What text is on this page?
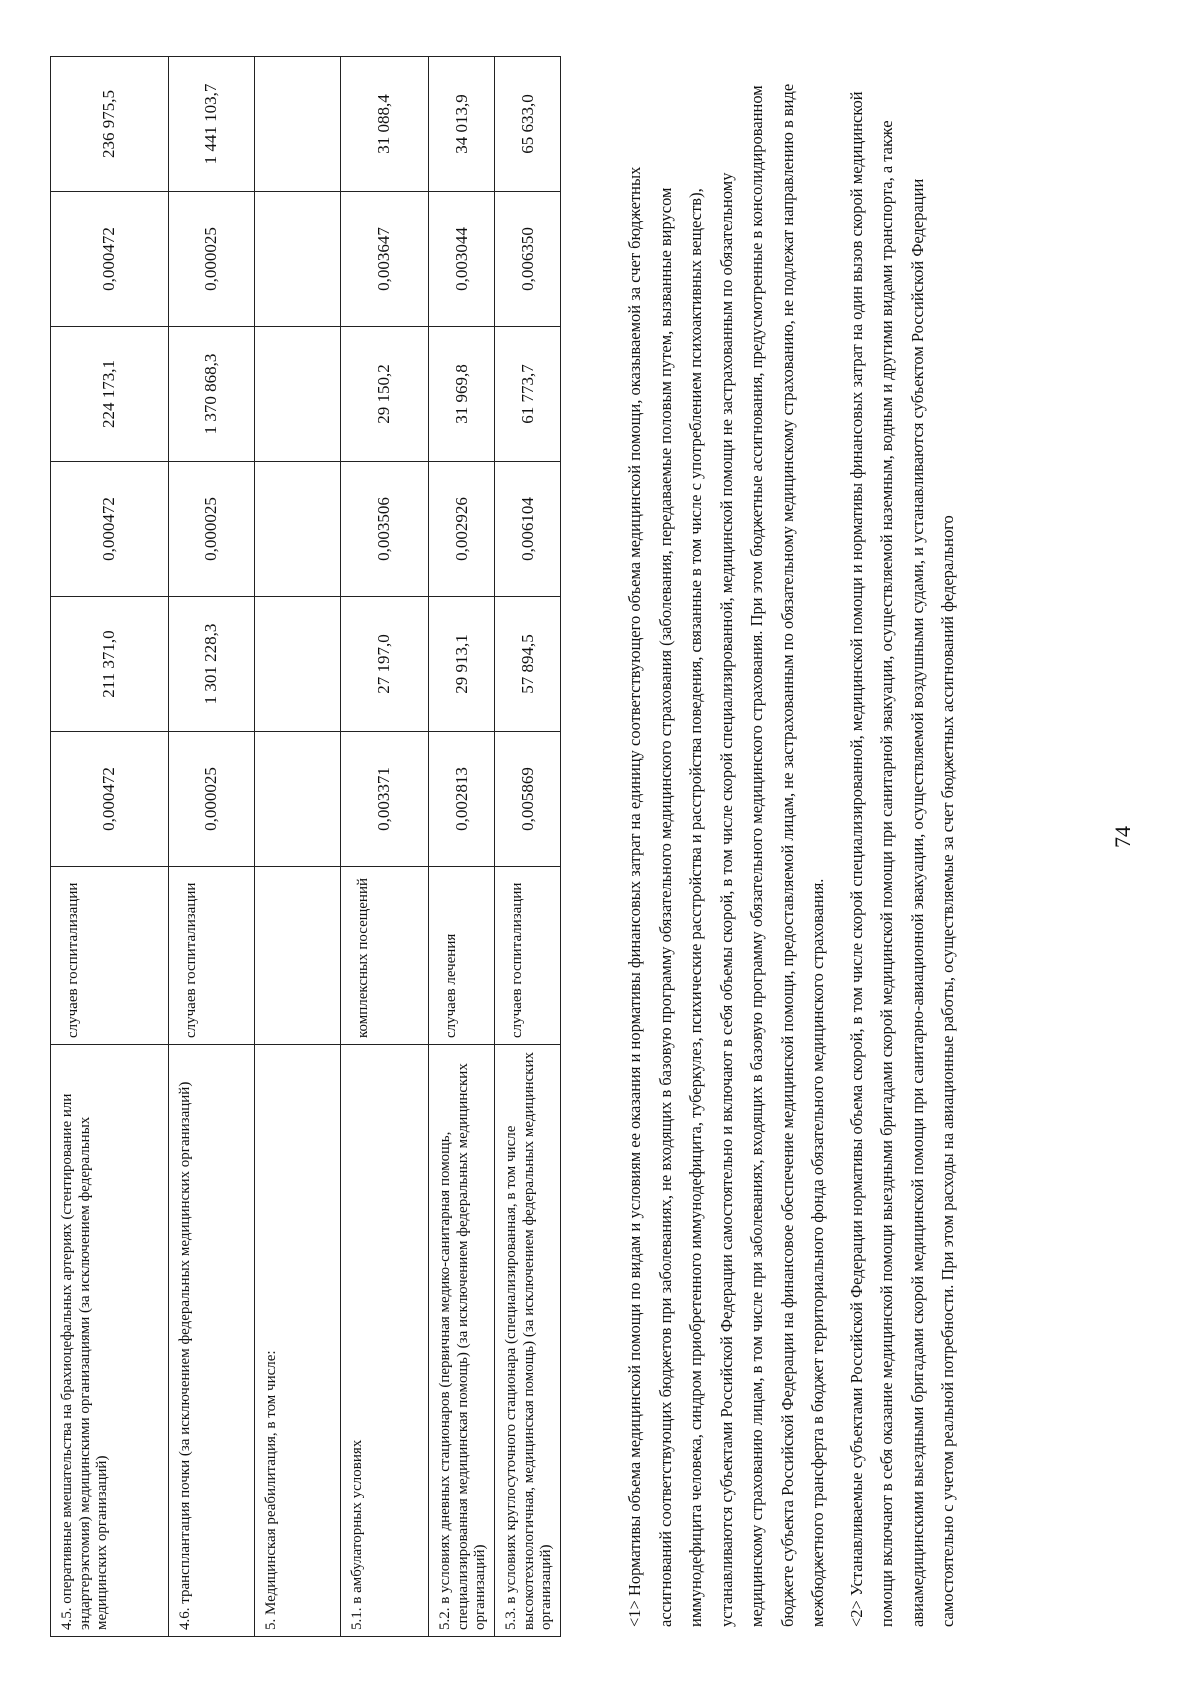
74
4.5. оперативные вмешательства на брахиоцефальных артериях (стентирование или эндартерэктомия) медицинскими организациями (за исключением федеральных медицинских организаций)	случаев госпитализации	0,000472	211 371,0	0,000472	224 173,1	0,000472	236 975,5
4.6. трансплантация почки (за исключением федеральных медицинских организаций)	случаев госпитализации	0,000025	1 301 228,3	0,000025	1 370 868,3	0,000025	1 441 103,7
5. Медицинская реабилитация, в том числе:							
5.1. в амбулаторных условиях	комплексных посещений	0,003371	27 197,0	0,003506	29 150,2	0,003647	31 088,4
5.2. в условиях дневных стационаров (первичная медико-санитарная помощь, специализированная медицинская помощь) (за исключением федеральных медицинских организаций)	случаев лечения	0,002813	29 913,1	0,002926	31 969,8	0,003044	34 013,9
5.3. в условиях круглосуточного стационара (специализированная, в том числе высокотехнологичная, медицинская помощь) (за исключением федеральных медицинских организаций)	случаев госпитализации	0,005869	57 894,5	0,006104	61 773,7	0,006350	65 633,0

<1> Нормативы объема медицинской помощи по видам и условиям ее оказания и нормативы финансовых затрат на единицу соответствующего объема медицинской помощи, оказываемой за счет бюджетных ассигнований соответствующих бюджетов при заболеваниях, не входящих в базовую программу обязательного медицинского страхования (заболевания, передаваемые половым путем, вызванные вирусом иммунодефицита человека, синдром приобретенного иммунодефицита, туберкулез, психические расстройства и расстройства поведения, связанные в том числе с употреблением психоактивных веществ), устанавливаются субъектами Российской Федерации самостоятельно и включают в себя объемы скорой, в том числе скорой специализированной, медицинской помощи не застрахованным по обязательному медицинскому страхованию лицам, в том числе при заболеваниях, входящих в базовую программу обязательного медицинского страхования. При этом бюджетные ассигнования, предусмотренные в консолидированном бюджете субъекта Российской Федерации на финансовое обеспечение медицинской помощи, предоставляемой лицам, не застрахованным по обязательному медицинскому страхованию, не подлежат направлению в виде межбюджетного трансферта в бюджет территориального фонда обязательного медицинского страхования.	<2> Устанавливаемые субъектами Российской Федерации нормативы объема скорой, в том числе скорой специализированной, медицинской помощи и нормативы финансовых затрат на один вызов скорой медицинской помощи включают в себя оказание медицинской помощи выездными бригадами скорой медицинской помощи при санитарной эвакуации, осуществляемой наземным, водным и другими видами транспорта, а также авиамедицинскими выездными бригадами скорой медицинской помощи при санитарно-авиационной эвакуации, осуществляемой воздушными судами, и устанавливаются субъектом Российской Федерации самостоятельно с учетом реальной потребности. При этом расходы на авиационные работы, осуществляемые за счет бюджетных ассигнований федерального
